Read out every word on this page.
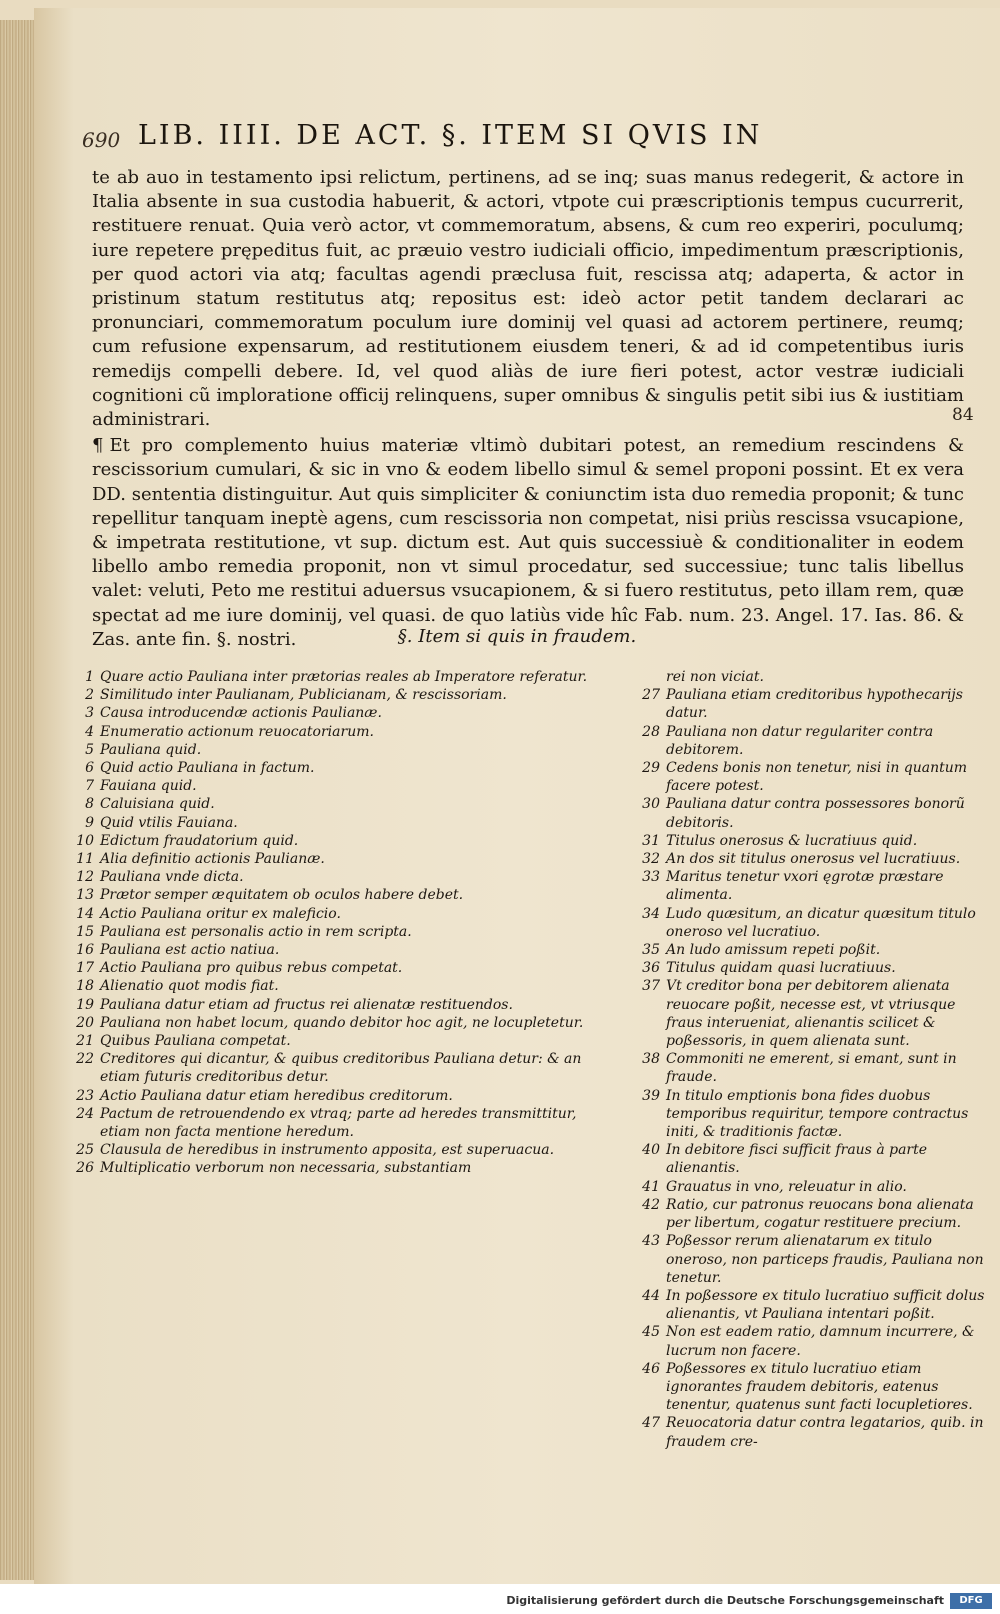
690 LIB. IIII. DE ACT. §. ITEM SI QVIS IN

te ab auo in testamento ipsi relictum, pertinens, ad se inq; suas manus redegerit, & actore in Italia absente in sua custodia habuerit, & actori, vtpote cui præscriptionis tempus cucurrerit, restituere renuat. Quia verò actor, vt commemoratum, absens, & cum reo experiri, poculumq; iure repetere prępeditus fuit, ac præuio vestro iudiciali officio, impedimentum præscriptionis, per quod actori via atq; facultas agendi præclusa fuit, rescissa atq; adaperta, & actor in pristinum statum restitutus atq; repositus est: ideò actor petit tandem declarari ac pronunciari, commemoratum poculum iure dominij vel quasi ad actorem pertinere, reumq; cum refusione expensarum, ad restitutionem eiusdem teneri, & ad id competentibus iuris remedijs compelli debere. Id, vel quod aliàs de iure fieri potest, actor vestræ iudiciali cognitioni cũ imploratione officij relinquens, super omnibus & singulis petit sibi ius & iustitiam administrari.

¶ Et pro complemento huius materiæ vltimò dubitari potest, an remedium rescindens & rescissorium cumulari, & sic in vno & eodem libello simul & semel proponi possint. Et ex vera DD. sententia distinguitur. Aut quis simpliciter & coniunctim ista duo remedia proponit; & tunc repellitur tanquam ineptè agens, cum rescissoria non competat, nisi priùs rescissa vsucapione, & impetrata restitutione, vt sup. dictum est. Aut quis successiuè & conditionaliter in eodem libello ambo remedia proponit, non vt simul procedatur, sed successiue; tunc talis libellus valet: veluti, Peto me restitui aduersus vsucapionem, & si fuero restitutus, peto illam rem, quæ spectat ad me iure dominij, vel quasi. de quo latiùs vide hîc Fab. num. 23. Angel. 17. Ias. 86. & Zas. ante fin. §. nostri.

84
§. Item si quis in fraudem.
1 Quare actio Pauliana inter prætorias reales ab Imperatore referatur.
2 Similitudo inter Paulianam, Publicianam, & rescissoriam.
3 Causa introducendæ actionis Paulianæ.
4 Enumeratio actionum reuocatoriarum.
5 Pauliana quid.
6 Quid actio Pauliana in factum.
7 Fauiana quid.
8 Caluisiana quid.
9 Quid vtilis Fauiana.
10 Edictum fraudatorium quid.
11 Alia definitio actionis Paulianæ.
12 Pauliana vnde dicta.
13 Prætor semper æquitatem ob oculos habere debet.
14 Actio Pauliana oritur ex maleficio.
15 Pauliana est personalis actio in rem scripta.
16 Pauliana est actio natiua.
17 Actio Pauliana pro quibus rebus competat.
18 Alienatio quot modis fiat.
19 Pauliana datur etiam ad fructus rei alienatæ restituendos.
20 Pauliana non habet locum, quando debitor hoc agit, ne locupletetur.
21 Quibus Pauliana competat.
22 Creditores qui dicantur, & quibus creditoribus Pauliana detur: & an etiam futuris creditoribus detur.
23 Actio Pauliana datur etiam heredibus creditorum.
24 Pactum de retrouendendo ex vtraq; parte ad heredes transmittitur, etiam non facta mentione heredum.
25 Clausula de heredibus in instrumento apposita, est superuacua.
26 Multiplicatio verborum non necessaria, substantiam
rei non viciat.
27 Pauliana etiam creditoribus hypothecarijs datur.
28 Pauliana non datur regulariter contra debitorem.
29 Cedens bonis non tenetur, nisi in quantum facere potest.
30 Pauliana datur contra possessores bonorũ debitoris.
31 Titulus onerosus & lucratiuus quid.
32 An dos sit titulus onerosus vel lucratiuus.
33 Maritus tenetur vxori ęgrotæ præstare alimenta.
34 Ludo quæsitum, an dicatur quæsitum titulo oneroso vel lucratiuo.
35 An ludo amissum repeti poßit.
36 Titulus quidam quasi lucratiuus.
37 Vt creditor bona per debitorem alienata reuocare poßit, necesse est, vt vtriusque fraus interueniat, alienantis scilicet & poßessoris, in quem alienata sunt.
38 Commoniti ne emerent, si emant, sunt in fraude.
39 In titulo emptionis bona fides duobus temporibus requiritur, tempore contractus initi, & traditionis factæ.
40 In debitore fisci sufficit fraus à parte alienantis.
41 Grauatus in vno, releuatur in alio.
42 Ratio, cur patronus reuocans bona alienata per libertum, cogatur restituere precium.
43 Poßessor rerum alienatarum ex titulo oneroso, non particeps fraudis, Pauliana non tenetur.
44 In poßessore ex titulo lucratiuo sufficit dolus alienantis, vt Pauliana intentari poßit.
45 Non est eadem ratio, damnum incurrere, & lucrum non facere.
46 Poßessores ex titulo lucratiuo etiam ignorantes fraudem debitoris, eatenus tenentur, quatenus sunt facti locupletiores.
47 Reuocatoria datur contra legatarios, quib. in fraudem cre-
Digitalisierung gefördert durch die Deutsche Forschungsgemeinschaft	DFG
